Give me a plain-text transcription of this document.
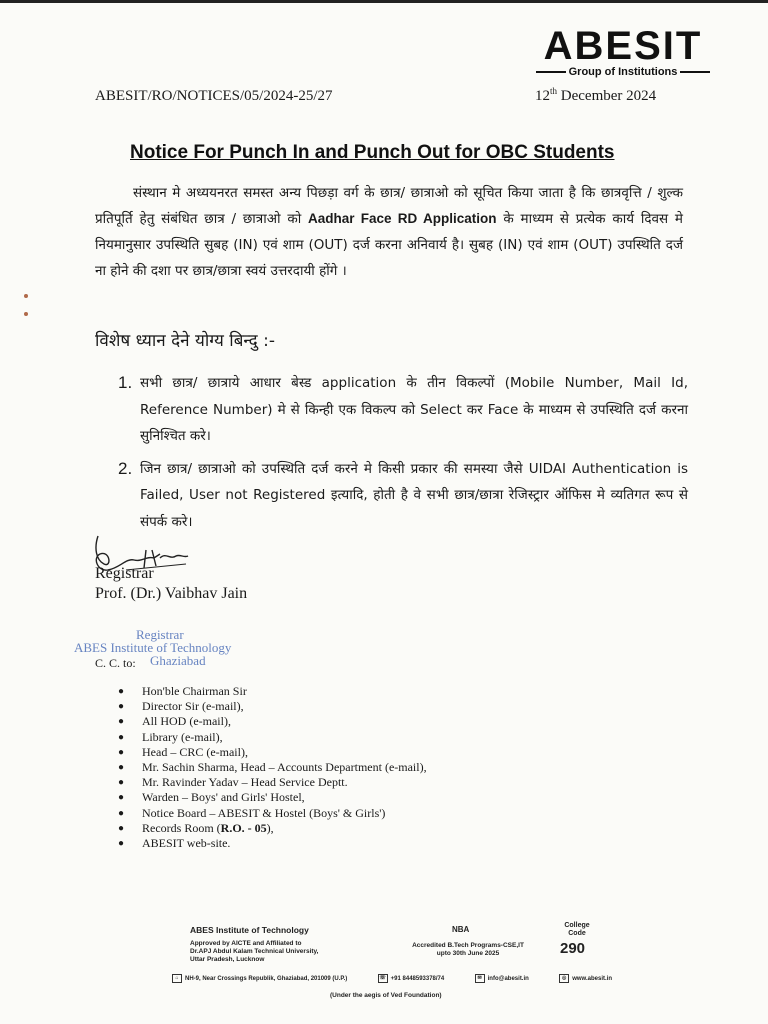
ABESIT
Group of Institutions
ABESIT/RO/NOTICES/05/2024-25/27	12th December 2024
Notice For Punch In and Punch Out for OBC Students
संस्थान मे अध्ययनरत समस्त अन्य पिछड़ा वर्ग के छात्र/ छात्राओ को सूचित किया जाता है कि छात्रवृत्ति / शुल्क प्रतिपूर्ति हेतु संबंधित छात्र / छात्राओ को Aadhar Face RD Application के माध्यम से प्रत्येक कार्य दिवस मे नियमानुसार उपस्थिति सुबह (IN) एवं शाम (OUT) दर्ज करना अनिवार्य है। सुबह (IN) एवं शाम (OUT) उपस्थिति दर्ज ना होने की दशा पर छात्र/छात्रा स्वयं उत्तरदायी होंगे ।
विशेष ध्यान देने योग्य बिन्दु :-
1. सभी छात्र/ छात्राये आधार बेस्ड application के तीन विकल्पों (Mobile Number, Mail Id, Reference Number) मे से किन्ही एक विकल्प को Select कर Face के माध्यम से उपस्थिति दर्ज करना सुनिश्चित करे।
2. जिन छात्र/ छात्राओ को उपस्थिति दर्ज करने मे किसी प्रकार की समस्या जैसे UIDAI Authentication is Failed, User not Registered इत्यादि, होती है वे सभी छात्र/छात्रा रेजिस्ट्रार ऑफिस मे व्यतिगत रूप से संपर्क करे।
Registrar
Prof. (Dr.) Vaibhav Jain
Registrar
ABES Institute of Technology
Ghaziabad
C. C. to:
●	Hon'ble Chairman Sir
●	Director Sir (e-mail),
●	All HOD (e-mail),
●	Library (e-mail),
●	Head – CRC (e-mail),
●	Mr. Sachin Sharma, Head – Accounts Department (e-mail),
●	Mr. Ravinder Yadav – Head Service Deptt.
●	Warden – Boys' and Girls' Hostel,
●	Notice Board – ABESIT & Hostel (Boys' & Girls')
●	Records Room (R.O. - 05),
●	ABESIT web-site.
ABES Institute of Technology
Approved by AICTE and Affiliated to
Dr.APJ Abdul Kalam Technical University,
Uttar Pradesh, Lucknow
NBA
Accredited B.Tech Programs-CSE,IT
upto 30th June 2025
College
Code
290
⌂ NH-9, Near Crossings Republik, Ghaziabad, 201009 (U.P.)	☏ +91 8448593378/74	✉ info@abesit.in	◎ www.abesit.in
(Under the aegis of Ved Foundation)
